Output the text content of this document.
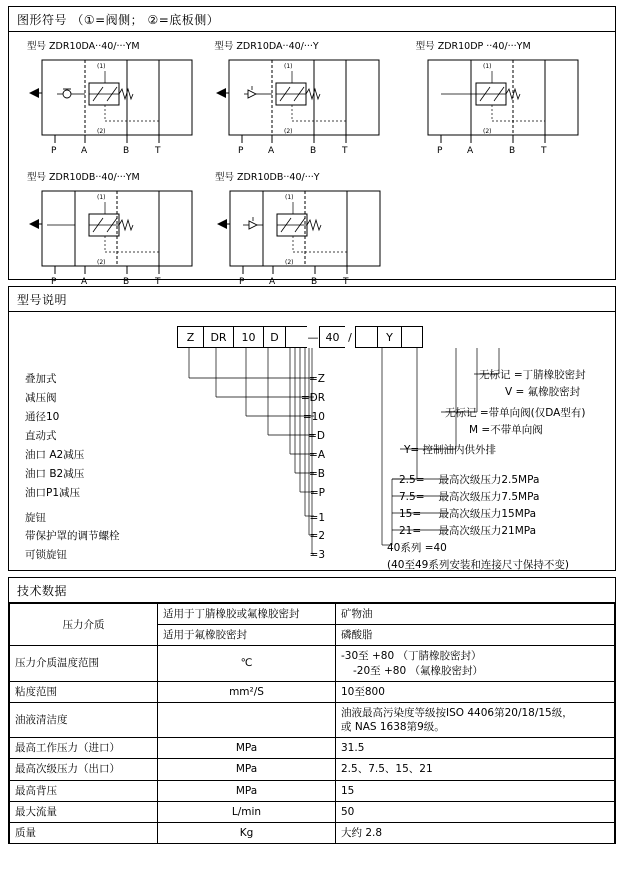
图形符号 （①=阀侧； ②=底板侧）
型号 ZDR10DA··40/···YM
(1)
(2)
P	A	B	T
型号 ZDR10DA··40/···Y
(1)
(2)
P	A	B	T
型号 ZDR10DP ··40/···YM
(1)
(2)
P	A	B	T
型号 ZDR10DB··40/···YM
(1)
(2)
P	A	B	T
型号 ZDR10DB··40/···Y
(1)
(2)
P	A	B	T
型号说明
Z	DR	10	D	— 40 /	Y
叠加式	=Z
减压阀	=DR
通径10	=10
直动式	=D
油口 A2减压	=A
油口 B2减压	=B
油口P1减压	=P
旋钮	=1
带保护罩的调节螺栓	=2
可锁旋钮	=3
无标记 =丁腈橡胶密封
V = 氟橡胶密封
无标记 =带单向阀(仅DA型有)
M =不带单向阀
Y= 控制油内供外排
2.5= 最高次级压力2.5MPa
7.5= 最高次级压力7.5MPa
15= 最高次级压力15MPa
21= 最高次级压力21MPa
40系列 =40
(40至49系列安装和连接尺寸保持不变)
技术数据
压力介质	适用于丁腈橡胶或氟橡胶密封	矿物油
	适用于氟橡胶密封	磷酸脂
压力介质温度范围	℃	-30至 +80 （丁腈橡胶密封）
-20至 +80 （氟橡胶密封）

粘度范围	mm²/S	10至800
油液清洁度		油液最高污染度等级按ISO 4406第20/18/15级，
或 NAS 1638第9级。

最高工作压力（进口）	MPa	31.5
最高次级压力（出口）	MPa	2.5、7.5、15、21
最高背压	MPa	15
最大流量	L/min	50
质量	Kg	大约 2.8
